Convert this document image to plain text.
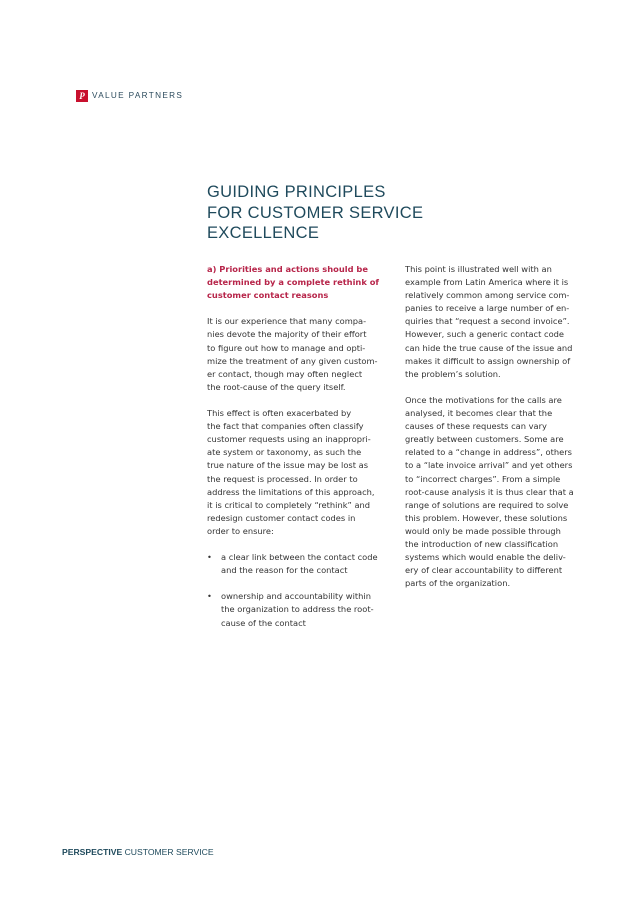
P VALUE PARTNERS
GUIDING PRINCIPLES
FOR CUSTOMER SERVICE
EXCELLENCE
a) Priorities and actions should be
determined by a complete rethink of
customer contact reasons
It is our experience that many compa-
nies devote the majority of their effort
to figure out how to manage and opti-
mize the treatment of any given custom-
er contact, though may often neglect
the root-cause of the query itself.
This effect is often exacerbated by
the fact that companies often classify
customer requests using an inappropri-
ate system or taxonomy, as such the
true nature of the issue may be lost as
the request is processed. In order to
address the limitations of this approach,
it is critical to completely “rethink” and
redesign customer contact codes in
order to ensure:
• a clear link between the contact code
and the reason for the contact
• ownership and accountability within
the organization to address the root-
cause of the contact
This point is illustrated well with an
example from Latin America where it is
relatively common among service com-
panies to receive a large number of en-
quiries that “request a second invoice”.
However, such a generic contact code
can hide the true cause of the issue and
makes it difficult to assign ownership of
the problem’s solution.
Once the motivations for the calls are
analysed, it becomes clear that the
causes of these requests can vary
greatly between customers. Some are
related to a “change in address”, others
to a “late invoice arrival” and yet others
to “incorrect charges”. From a simple
root-cause analysis it is thus clear that a
range of solutions are required to solve
this problem. However, these solutions
would only be made possible through
the introduction of new classification
systems which would enable the deliv-
ery of clear accountability to different
parts of the organization.
PERSPECTIVE CUSTOMER SERVICE
